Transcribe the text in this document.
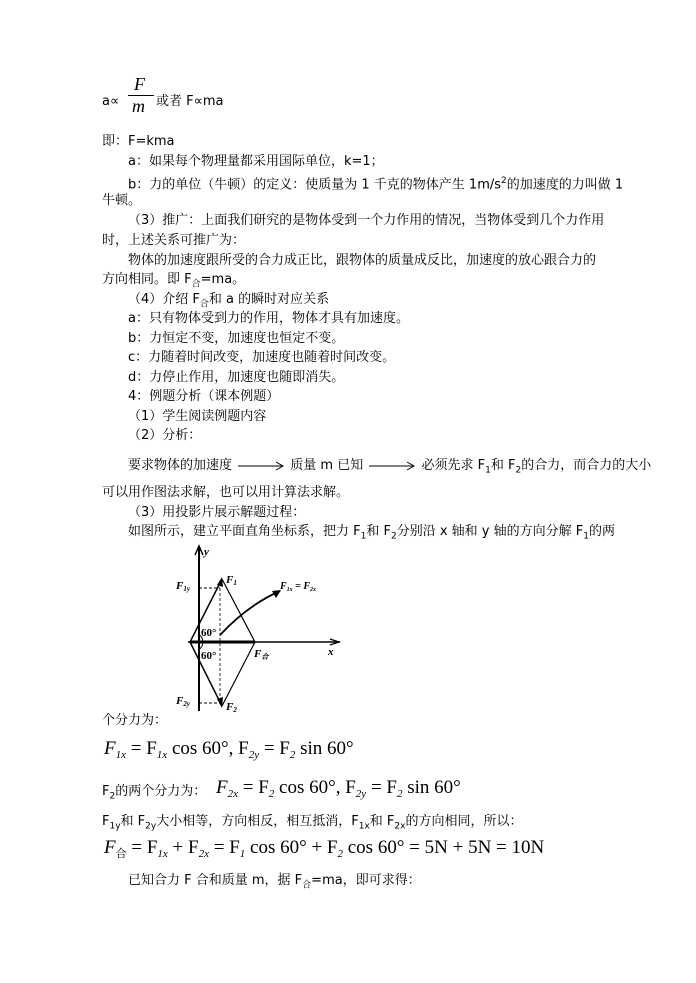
a∝
F
m 或者 F∝ma
即：F=kma
a：如果每个物理量都采用国际单位，k=1；
b：力的单位（牛顿）的定义：使质量为 1 千克的物体产生 $1m/s^2$的加速度的力叫做 1
牛顿。
（3）推广：上面我们研究的是物体受到一个力作用的情况，当物体受到几个力作用
时，上述关系可推广为：
物体的加速度跟所受的合力成正比，跟物体的质量成反比，加速度的放心跟合力的
方向相同。即 $F_合=ma$。
（4）介绍 $F_合$和 a 的瞬时对应关系
a：只有物体受到力的作用，物体才具有加速度。
b：力恒定不变，加速度也恒定不变。
c：力随着时间改变，加速度也随着时间改变。
d：力停止作用，加速度也随即消失。
4：例题分析（课本例题）
（1）学生阅读例题内容
（2）分析：
要求物体的加速度	质量 m 已知	必须先求 $F_1$和 $F_2$的合力，而合力的大小
可以用作图法求解，也可以用计算法求解。
（3）用投影片展示解题过程：
如图所示，建立平面直角坐标系，把力 $F_1$和 $F_2$分别沿 x 轴和 y 轴的方向分解 $F_1$的两
y
x
F1
F1y
F2
F2y
F合
$F_{1x} = F_{2x}$
60°
60°
个分力为：
$F_{1x} = F_{1x}$ cos 60°, $F_{2y} = F_2$ sin 60°
$F_2$的两个分力为： $F_{2x} = F_2$ cos 60°, $F_{2y} = F_2$ sin 60°
$F_{1y}$和 $F_{2y}$大小相等，方向相反，相互抵消，$F_{1x}$和 $F_{2x}$的方向相同，所以：
$F_合 = F_{1x} + F_{2x} = F_1$ $\cos 60^\circ + F_2$ cos 60° = 5N + 5N = 10N
已知合力 F 合和质量 m，据 $F_合=ma$，即可求得：
